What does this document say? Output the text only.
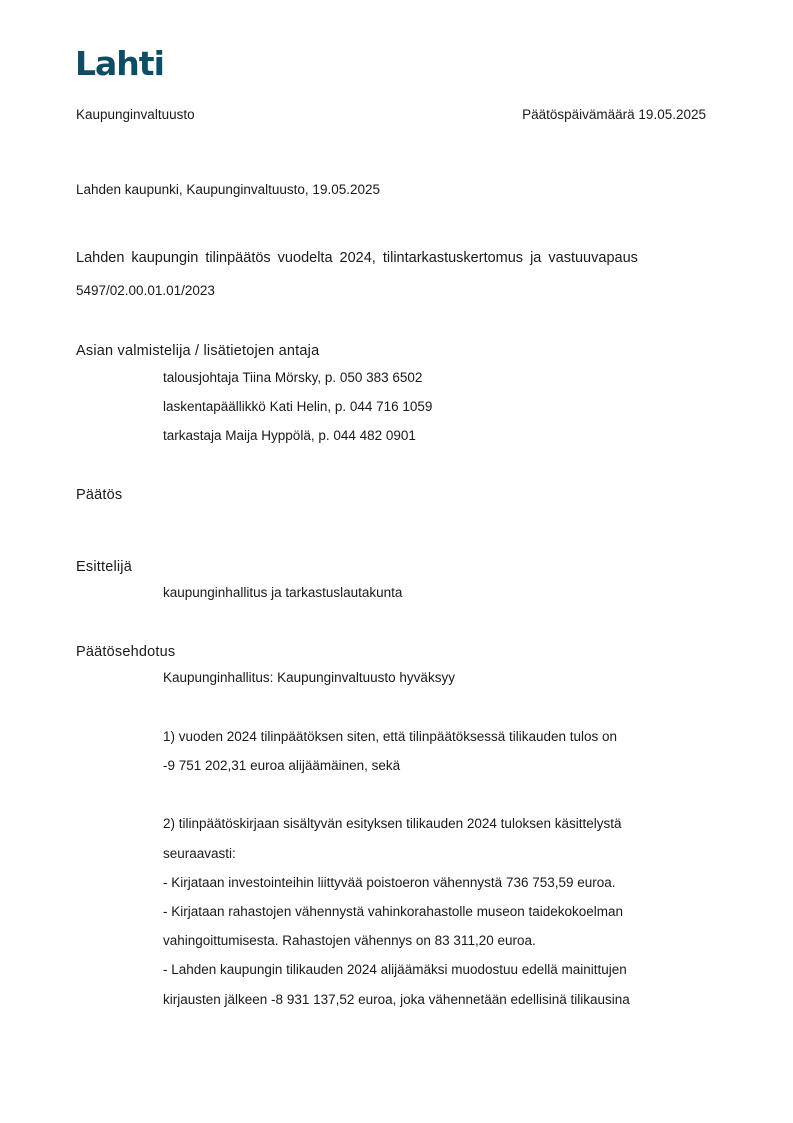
Lahti
Kaupunginvaltuusto	Päätöspäivämäärä 19.05.2025
Lahden kaupunki, Kaupunginvaltuusto, 19.05.2025
Lahden kaupungin tilinpäätös vuodelta 2024, tilintarkastuskertomus ja vastuuvapaus
5497/02.00.01.01/2023
Asian valmistelija / lisätietojen antaja
talousjohtaja Tiina Mörsky, p. 050 383 6502
laskentapäällikkö Kati Helin, p. 044 716 1059
tarkastaja Maija Hyppölä, p. 044 482 0901
Päätös
Esittelijä
kaupunginhallitus ja tarkastuslautakunta
Päätösehdotus
Kaupunginhallitus: Kaupunginvaltuusto hyväksyy
1) vuoden 2024 tilinpäätöksen siten, että tilinpäätöksessä tilikauden tulos on
-9 751 202,31 euroa alijäämäinen, sekä
2) tilinpäätöskirjaan sisältyvän esityksen tilikauden 2024 tuloksen käsittelystä
seuraavasti:
- Kirjataan investointeihin liittyvää poistoeron vähennystä 736 753,59 euroa.
- Kirjataan rahastojen vähennystä vahinkorahastolle museon taidekokoelman
vahingoittumisesta. Rahastojen vähennys on 83 311,20 euroa.
- Lahden kaupungin tilikauden 2024 alijäämäksi muodostuu edellä mainittujen
kirjausten jälkeen -8 931 137,52 euroa, joka vähennetään edellisinä tilikausina
